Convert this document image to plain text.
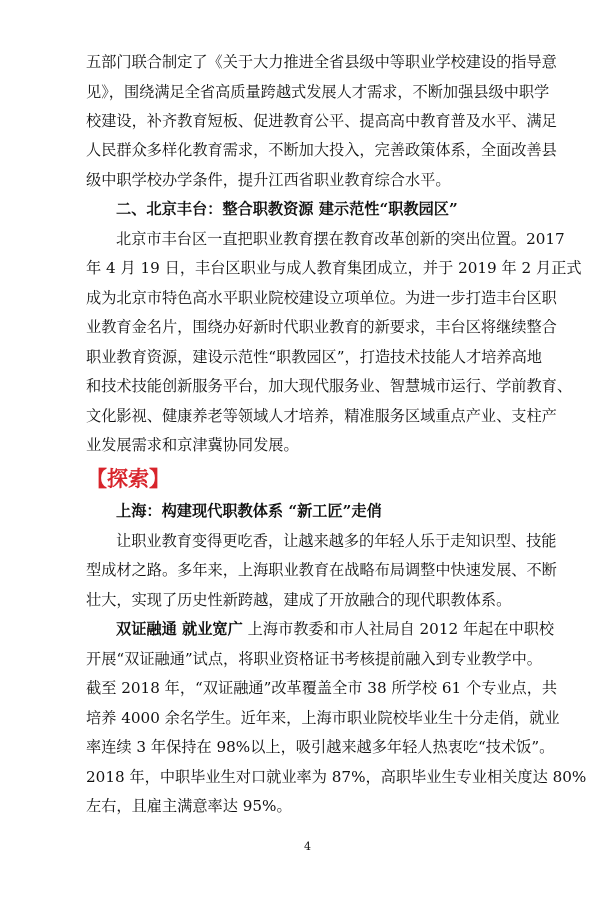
五部门联合制定了《关于大力推进全省县级中等职业学校建设的指导意
见》，围绕满足全省高质量跨越式发展人才需求，不断加强县级中职学
校建设，补齐教育短板、促进教育公平、提高高中教育普及水平、满足
人民群众多样化教育需求，不断加大投入，完善政策体系，全面改善县
级中职学校办学条件，提升江西省职业教育综合水平。
二、北京丰台：整合职教资源 建示范性“职教园区”
北京市丰台区一直把职业教育摆在教育改革创新的突出位置。2017
年 4 月 19 日，丰台区职业与成人教育集团成立，并于 2019 年 2 月正式
成为北京市特色高水平职业院校建设立项单位。为进一步打造丰台区职
业教育金名片，围绕办好新时代职业教育的新要求，丰台区将继续整合
职业教育资源，建设示范性“职教园区”，打造技术技能人才培养高地
和技术技能创新服务平台，加大现代服务业、智慧城市运行、学前教育、
文化影视、健康养老等领域人才培养，精准服务区域重点产业、支柱产
业发展需求和京津冀协同发展。
【探索】
上海：构建现代职教体系 “新工匠”走俏
让职业教育变得更吃香，让越来越多的年轻人乐于走知识型、技能
型成材之路。多年来，上海职业教育在战略布局调整中快速发展、不断
壮大，实现了历史性新跨越，建成了开放融合的现代职教体系。
双证融通 就业宽广 上海市教委和市人社局自 2012 年起在中职校
开展“双证融通”试点，将职业资格证书考核提前融入到专业教学中。
截至 2018 年，“双证融通”改革覆盖全市 38 所学校 61 个专业点，共
培养 4000 余名学生。近年来，上海市职业院校毕业生十分走俏，就业
率连续 3 年保持在 98%以上，吸引越来越多年轻人热衷吃“技术饭”。
2018 年，中职毕业生对口就业率为 87%，高职毕业生专业相关度达 80%
左右，且雇主满意率达 95%。
4
